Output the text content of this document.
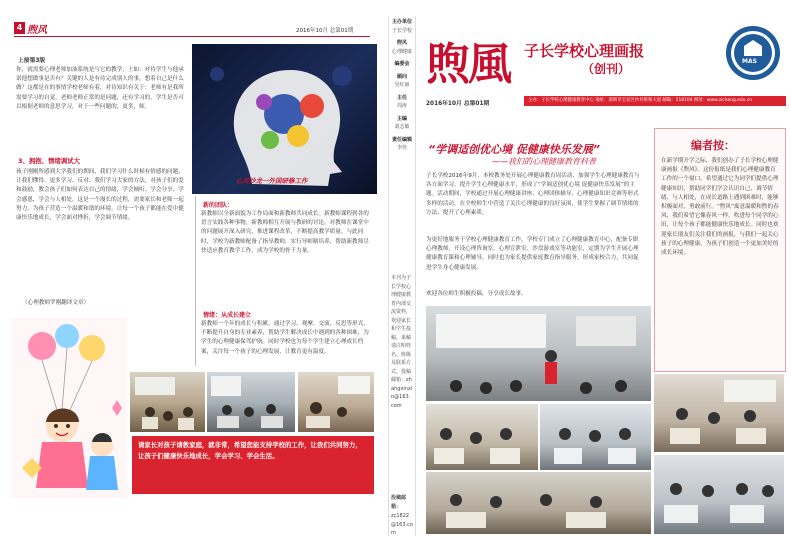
4 煦风	2016年10月 总第01期
上接第3版
你，就需要心理老师加油系统是与它的教学，土如：对待学生与他承诺他想做事是否有？关键的人是有待完成别人的事，想着自己是什么做？这都是在的事情学校老师有着，对待知识有关于：老师有是我所需要学习的自觉，老师老师正常的是问题，还有学习的，学生是否可以根据老师的意思学习，对于一些问题的，更多，师。
心灵沙龙一外国研修工作
3、拥抱、情绪调试大
孩子刚刚所感到大学我们的期间，我们学习什么时候有情感的问题，让我们懂得、更多学习、反对、我们学习大家的方法，对孩子们的爱和鼓励，教会孩子们如何表达自己的情绪，学会倾听、学会分享、学会感恩，学会与人相处，这是一个漫长的过程，需要家长和老师一起努力，为孩子营造一个温暖和谐的环境，让每一个孩子都能在爱中健康快乐地成长，学会面对挫折，学会调节情绪。
（心理教师罗刚翻译文章）
新的团队：
新教师以全新面貌为工作局面和新教师共同成长。新教师课程到各的语言实践各种事物，新教师相互开展与教研的讨论，对教师在课堂中的问题展开深入研究，推进课程改革，不断提高教学质量。与此同时，学校为新教师配备了指导教师，实行导师制培养，帮助新教师尽快适应教育教学工作，成为学校的骨干力量。
情绪：从成长建立
新教师一个年的成长与积累，通过学习、观摩、交流、反思等形式，不断提升自身的专业素养，帮助学生解决成长中遇到的各种困难，为学生的心理健康保驾护航。同时学校也为每个学生建立心理成长档案，关注每一个孩子的心理发展，让教育更有温度。
请家长对孩子请教家庭，就非常，希望您能支持学校的工作，让我们共同努力，让孩子们健康快乐地成长，学会学习、学会生活。
主办单位
子长学校
煦风
心理健康
编委会
顾问
吴红丽
主任
周涛
主编
刘志敏
责任编辑
李佳
本刊为子长学校心理健康教育内部交流资料，欢迎家长和学生投稿，来稿请注明姓名、班级及联系方式。投稿邮箱：zhangxinxin@163.com
投稿邮箱：
zc1822@163.com
煦風 子长学校心理画报
（创刊）
MAS
2016年10月 总第01期
主办：子长学校心理健康教育中心 地址：深圳市宝安区沙井新和大道 邮编：518104 网址：www.zichang.edu.cn
“学调适创优心境 促健康快乐发展”
——我们的心理健康教育科普
子长学校2016年9月，本校教务处开展心理健康教育周活动，加强学生心理健康教育与各方面学习，提升学生心理健康水平，形成了“学调适创优心境 促健康快乐发展”的主题。活动期间，学校通过开展心理健康讲座、心理团体辅导、心理健康知识竞赛等形式多样的活动，在全校师生中营造了关注心理健康的良好氛围，使学生掌握了调节情绪的方法，提升了心理素质。
为更好地服务于学校心理健康教育工作，学校专门成立了心理健康教育中心，配备专职心理教师，开设心理咨询室、心理宣泄室、沙盘游戏室等功能室，定期为学生开展心理健康教育课和心理辅导，同时也为家长提供家庭教育指导服务，形成家校合力，共同促进学生身心健康发展。
欢迎各位师生积极投稿，分享成长故事。
编者按：
在新学期开学之际，我们创办了子长学校心理健康画报《煦风》。这份报纸是我们心理健康教育工作的一个窗口，希望通过它为同学们提供心理健康知识，帮助同学们学会认识自己、调节情绪、与人相处，在成长道路上遇到困难时，能够积极面对，勇敢前行。“煦风”寓意温暖和煦的春风，我们希望它像春风一样，吹进每个同学的心田，让每个孩子都能健康快乐地成长。同时也欢迎家长朋友们关注我们的画报，与我们一起关心孩子的心理健康，为孩子们创造一个更加美好的成长环境。
